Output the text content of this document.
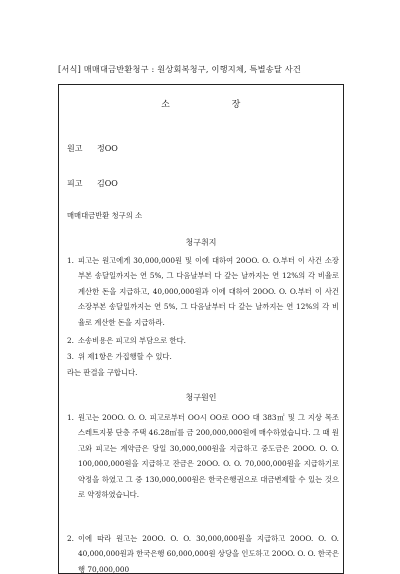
[서식] 매매대금반환청구 : 원상회복청구, 이행지체, 특별송달 사건
소 장
원고 정OO
피고 김OO
매매대금반환 청구의 소
청구취지
1. 피고는 원고에게 30,000,000원 및 이에 대하여 20OO. O. O.부터 이 사건 소장부본 송달일까지는 연 5%, 그 다음날부터 다 갚는 날까지는 연 12%의 각 비율로 계산한 돈을 지급하고, 40,000,000원과 이에 대하여 20OO. O. O.부터 이 사건 소장부본 송달일까지는 연 5%, 그 다음날부터 다 갚는 날까지는 연 12%의 각 비율로 계산한 돈을 지급하라.
2. 소송비용은 피고의 부담으로 한다.
3. 위 제1항은 가집행할 수 있다.
라는 판결을 구합니다.
청구원인
1. 원고는 20OO. O. O. 피고로부터 OO시 OO로 OOO 대 383㎡ 및 그 지상 목조 스레트지붕 단층 주택 46.28㎡를 금 200,000,000원에 매수하였습니다. 그 때 원고와 피고는 계약금은 당일 30,000,000원을 지급하고 중도금은 20OO. O. O. 100,000,000원을 지급하고 잔금은 20OO. O. O. 70,000,000원을 지급하기로 약정을 하였고 그 중 130,000,000원은 한국은행권으로 대금변제할 수 있는 것으로 약정하였습니다.
2. 이에 따라 원고는 20OO. O. O. 30,000,000원을 지급하고 20OO. O. O. 40,000,000원과 한국은행 60,000,000원 상당을 인도하고 20OO. O. O. 한국은행 70,000,000
